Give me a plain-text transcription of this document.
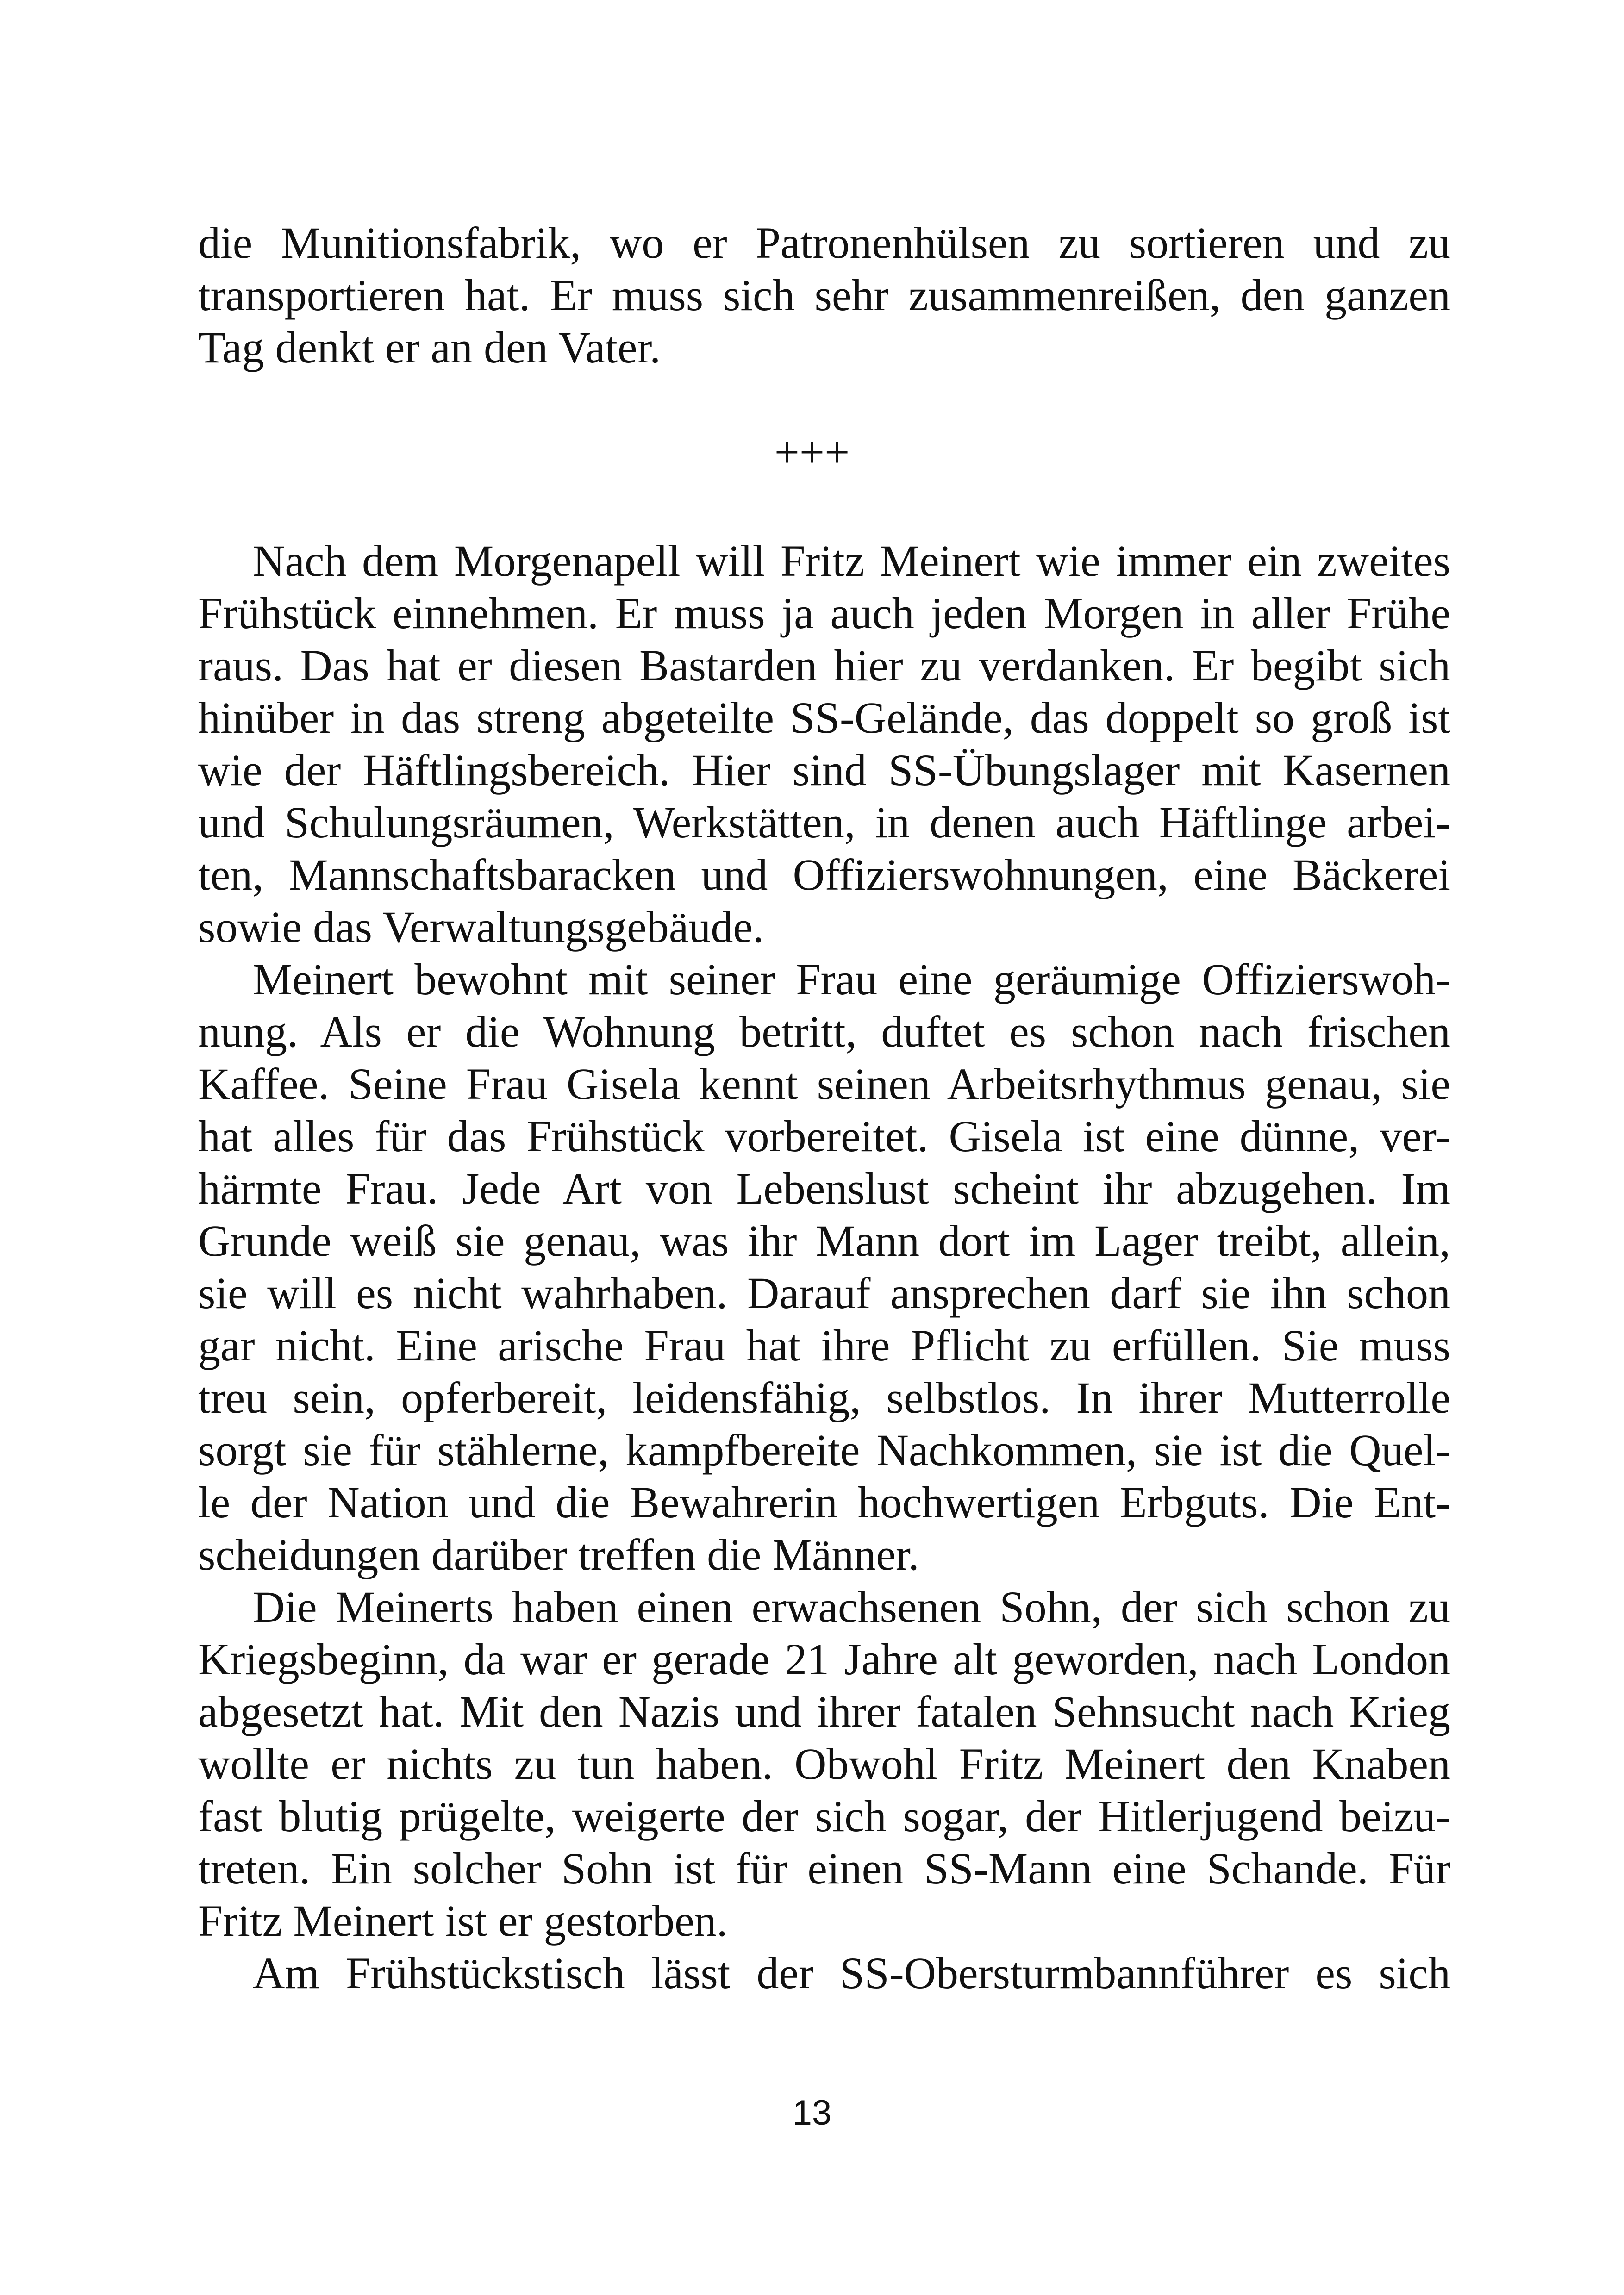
die Munitionsfabrik, wo er Patronenhülsen zu sortieren und zu
transportieren hat. Er muss sich sehr zusammenreißen, den ganzen
Tag denkt er an den Vater.
+++

Nach dem Morgenapell will Fritz Meinert wie immer ein zweites
Frühstück einnehmen. Er muss ja auch jeden Morgen in aller Frühe
raus. Das hat er diesen Bastarden hier zu verdanken. Er begibt sich
hinüber in das streng abgeteilte SS-Gelände, das doppelt so groß ist
wie der Häftlingsbereich. Hier sind SS-Übungslager mit Kasernen
und Schulungsräumen, Werkstätten, in denen auch Häftlinge arbei-
ten, Mannschaftsbaracken und Offizierswohnungen, eine Bäckerei
sowie das Verwaltungsgebäude.

Meinert bewohnt mit seiner Frau eine geräumige Offizierswoh-
nung. Als er die Wohnung betritt, duftet es schon nach frischen
Kaffee. Seine Frau Gisela kennt seinen Arbeitsrhythmus genau, sie
hat alles für das Frühstück vorbereitet. Gisela ist eine dünne, ver-
härmte Frau. Jede Art von Lebenslust scheint ihr abzugehen. Im
Grunde weiß sie genau, was ihr Mann dort im Lager treibt, allein,
sie will es nicht wahrhaben. Darauf ansprechen darf sie ihn schon
gar nicht. Eine arische Frau hat ihre Pflicht zu erfüllen. Sie muss
treu sein, opferbereit, leidensfähig, selbstlos. In ihrer Mutterrolle
sorgt sie für stählerne, kampfbereite Nachkommen, sie ist die Quel-
le der Nation und die Bewahrerin hochwertigen Erbguts. Die Ent-
scheidungen darüber treffen die Männer.

Die Meinerts haben einen erwachsenen Sohn, der sich schon zu
Kriegsbeginn, da war er gerade 21 Jahre alt geworden, nach London
abgesetzt hat. Mit den Nazis und ihrer fatalen Sehnsucht nach Krieg
wollte er nichts zu tun haben. Obwohl Fritz Meinert den Knaben
fast blutig prügelte, weigerte der sich sogar, der Hitlerjugend beizu-
treten. Ein solcher Sohn ist für einen SS-Mann eine Schande. Für
Fritz Meinert ist er gestorben.

Am Frühstückstisch lässt der SS-Obersturmbannführer es sich

13
